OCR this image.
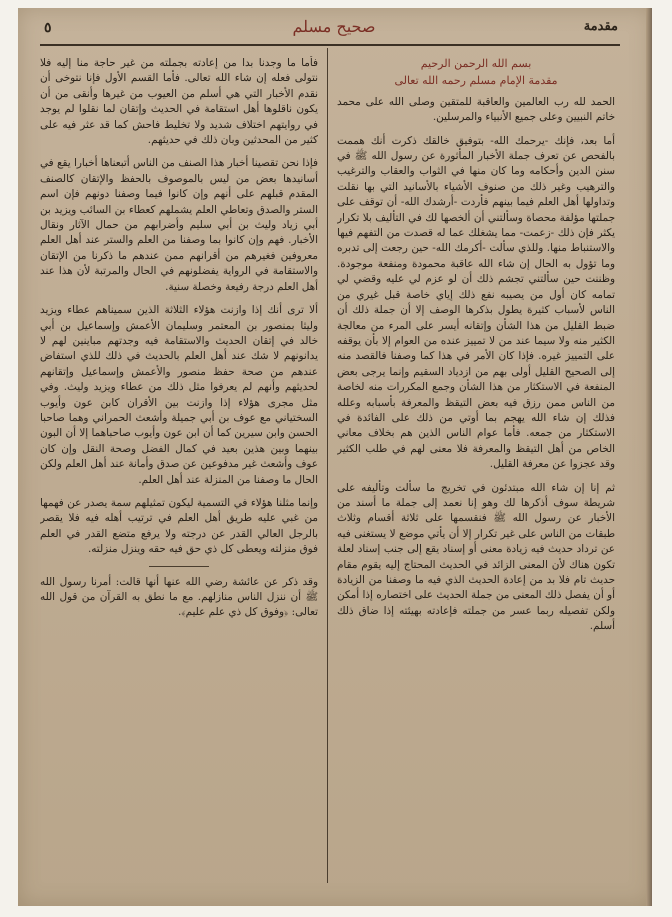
٥	صحيح مسلم	مقدمة
بسم الله الرحمن الرحيم
مقدمة الإمام مسلم رحمه الله تعالى

الحمد لله رب العالمين والعاقبة للمتقين وصلى الله على محمد خاتم النبيين وعلى جميع الأنبياء والمرسلين.

أما بعد، فإنك -يرحمك الله- بتوفيق خالقك ذكرت أنك هممت بالفحص عن تعرف جملة الأخبار المأثورة عن رسول الله ﷺ في سنن الدين وأحكامه وما كان منها في الثواب والعقاب والترغيب والترهيب وغير ذلك من صنوف الأشياء بالأسانيد التي بها نقلت وتداولها أهل العلم فيما بينهم فأردت -أرشدك الله- أن توقف على جملتها مؤلفة محصاة وسألتني أن ألخصها لك في التأليف بلا تكرار يكثر فإن ذلك -زعمت- مما يشغلك عما له قصدت من التفهم فيها والاستنباط منها. وللذي سألت -أكرمك الله- حين رجعت إلى تدبره وما تؤول به الحال إن شاء الله عاقبة محمودة ومنفعة موجودة. وظننت حين سألتني تجشم ذلك أن لو عزم لي عليه وقضي لي تمامه كان أول من يصيبه نفع ذلك إياي خاصة قبل غيري من الناس لأسباب كثيرة يطول بذكرها الوصف إلا أن جملة ذلك أن ضبط القليل من هذا الشأن وإتقانه أيسر على المرء من معالجة الكثير منه ولا سيما عند من لا تمييز عنده من العوام إلا بأن يوقفه على التمييز غيره. فإذا كان الأمر في هذا كما وصفنا فالقصد منه إلى الصحيح القليل أولى بهم من ازدياد السقيم وإنما يرجى بعض المنفعة في الاستكثار من هذا الشأن وجمع المكررات منه لخاصة من الناس ممن رزق فيه بعض التيقظ والمعرفة بأسبابه وعلله فذلك إن شاء الله يهجم بما أوتي من ذلك على الفائدة في الاستكثار من جمعه. فأما عوام الناس الذين هم بخلاف معاني الخاص من أهل التيقظ والمعرفة فلا معنى لهم في طلب الكثير وقد عجزوا عن معرفة القليل.

ثم إنا إن شاء الله مبتدئون في تخريج ما سألت وتأليفه على شريطة سوف أذكرها لك وهو إنا نعمد إلى جملة ما أسند من الأخبار عن رسول الله ﷺ فنقسمها على ثلاثة أقسام وثلاث طبقات من الناس على غير تكرار إلا أن يأتي موضع لا يستغنى فيه عن ترداد حديث فيه زيادة معنى أو إسناد يقع إلى جنب إسناد لعلة تكون هناك لأن المعنى الزائد في الحديث المحتاج إليه يقوم مقام حديث تام فلا بد من إعادة الحديث الذي فيه ما وصفنا من الزيادة أو أن يفصل ذلك المعنى من جملة الحديث على اختصاره إذا أمكن ولكن تفصيله ربما عسر من جملته فإعادته بهيئته إذا ضاق ذلك أسلم.

فأما ما وجدنا بدا من إعادته بجملته من غير حاجة منا إليه فلا نتولى فعله إن شاء الله تعالى. فأما القسم الأول فإنا نتوخى أن نقدم الأخبار التي هي أسلم من العيوب من غيرها وأنقى من أن يكون ناقلوها أهل استقامة في الحديث وإتقان لما نقلوا لم يوجد في روايتهم اختلاف شديد ولا تخليط فاحش كما قد عثر فيه على كثير من المحدثين وبان ذلك في حديثهم.

فإذا نحن تقصينا أخبار هذا الصنف من الناس أتبعناها أخبارا يقع في أسانيدها بعض من ليس بالموصوف بالحفظ والإتقان كالصنف المقدم قبلهم على أنهم وإن كانوا فيما وصفنا دونهم فإن اسم الستر والصدق وتعاطي العلم يشملهم كعطاء بن السائب ويزيد بن أبي زياد وليث بن أبي سليم وأضرابهم من حمال الآثار ونقال الأخبار. فهم وإن كانوا بما وصفنا من العلم والستر عند أهل العلم معروفين فغيرهم من أقرانهم ممن عندهم ما ذكرنا من الإتقان والاستقامة في الرواية يفضلونهم في الحال والمرتبة لأن هذا عند أهل العلم درجة رفيعة وخصلة سنية.

ألا ترى أنك إذا وازنت هؤلاء الثلاثة الذين سميناهم عطاء ويزيد وليثا بمنصور بن المعتمر وسليمان الأعمش وإسماعيل بن أبي خالد في إتقان الحديث والاستقامة فيه وجدتهم مباينين لهم لا يدانونهم لا شك عند أهل العلم بالحديث في ذلك للذي استفاض عندهم من صحة حفظ منصور والأعمش وإسماعيل وإتقانهم لحديثهم وأنهم لم يعرفوا مثل ذلك من عطاء ويزيد وليث. وفي مثل مجرى هؤلاء إذا وازنت بين الأقران كابن عون وأيوب السختياني مع عوف بن أبي جميلة وأشعث الحمراني وهما صاحبا الحسن وابن سيرين كما أن ابن عون وأيوب صاحباهما إلا أن البون بينهما وبين هذين بعيد في كمال الفضل وصحة النقل وإن كان عوف وأشعث غير مدفوعين عن صدق وأمانة عند أهل العلم ولكن الحال ما وصفنا من المنزلة عند أهل العلم.

وإنما مثلنا هؤلاء في التسمية ليكون تمثيلهم سمة يصدر عن فهمها من غبي عليه طريق أهل العلم في ترتيب أهله فيه فلا يقصر بالرجل العالي القدر عن درجته ولا يرفع متضع القدر في العلم فوق منزلته ويعطى كل ذي حق فيه حقه وينزل منزلته.

وقد ذكر عن عائشة رضي الله عنها أنها قالت: أمرنا رسول الله ﷺ أن ننزل الناس منازلهم. مع ما نطق به القرآن من قول الله تعالى: ﴿وفوق كل ذي علم عليم﴾.
